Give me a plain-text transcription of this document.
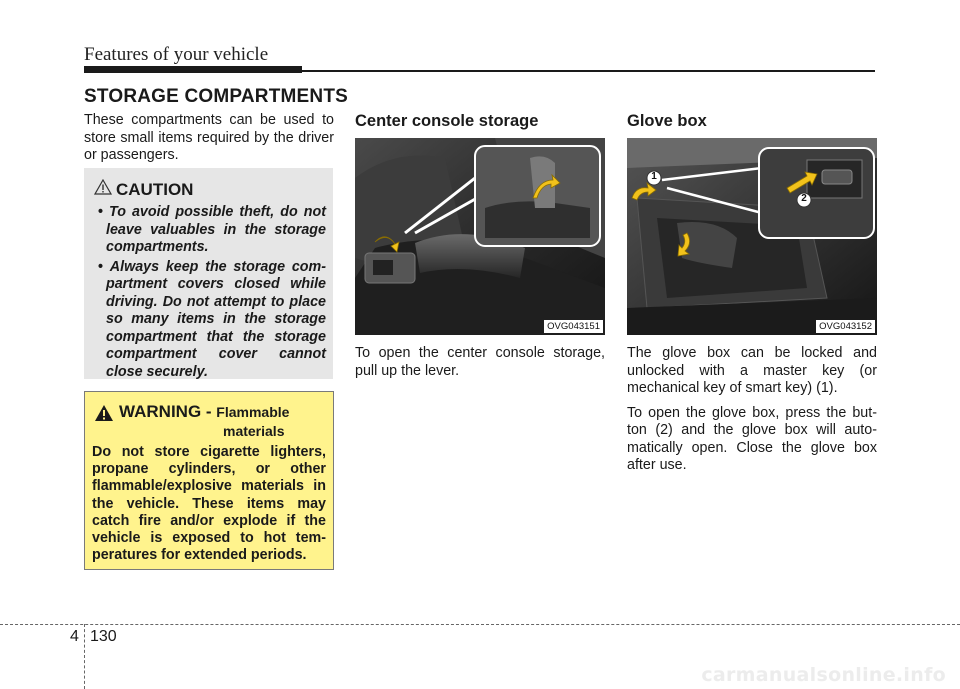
Features of your vehicle
STORAGE COMPARTMENTS
These compartments can be used to store small items required by the driver or passengers.
CAUTION
• To avoid possible theft, do not leave valuables in the storage compartments.
• Always keep the storage com-partment covers closed while driving. Do not attempt to place so many items in the storage compartment that the storage compartment cover cannot close securely.
WARNING - Flammable
materials
Do not store cigarette lighters, propane cylinders, or other flammable/explosive materials in the vehicle. These items may catch fire and/or explode if the vehicle is exposed to hot tem-peratures for extended periods.
Center console storage
OVG043151
To open the center console storage, pull up the lever.
Glove box
1
2
OVG043152

The glove box can be locked and unlocked with a master key (or mechanical key of smart key) (1).

To open the glove box, press the but-ton (2) and the glove box will auto-matically open. Close the glove box after use.

4 130
carmanualsonline.info
